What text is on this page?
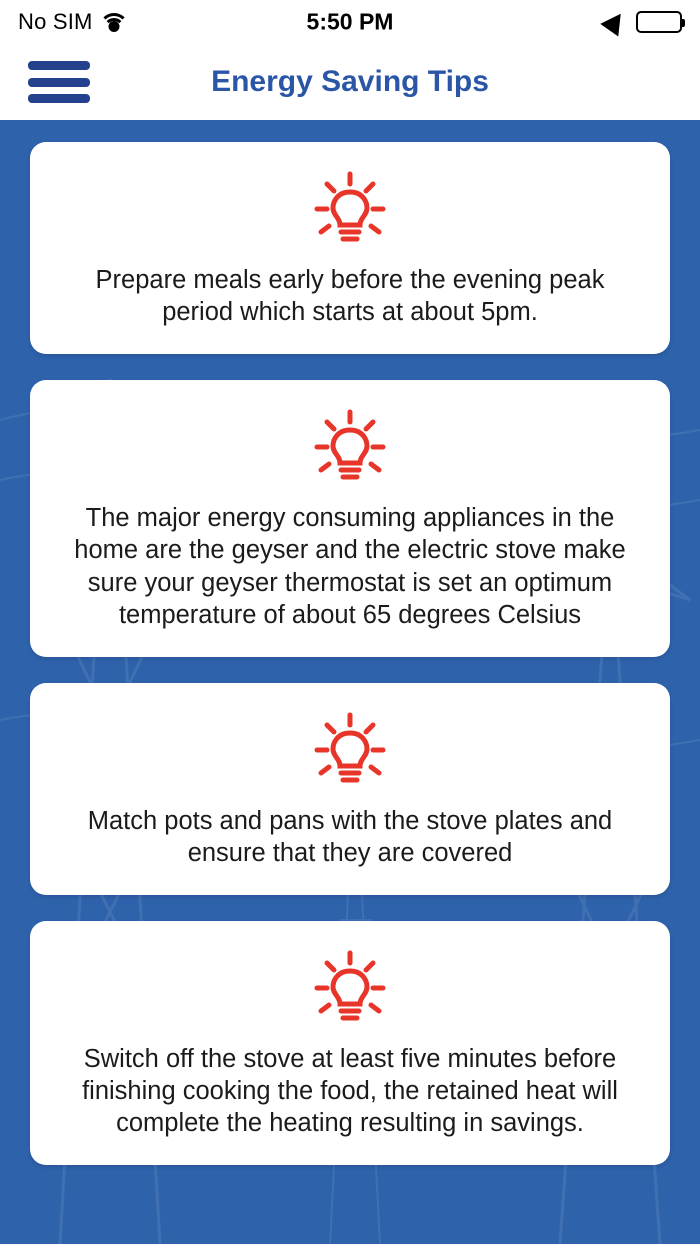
No SIM	5:50 PM
Energy Saving Tips
Prepare meals early before the evening peak period which starts at about 5pm.
The major energy consuming appliances in the home are the geyser and the electric stove make sure your geyser thermostat is set an optimum temperature of about 65 degrees Celsius
Match pots and pans with the stove plates and ensure that they are covered
Switch off the stove at least five minutes before finishing cooking the food, the retained heat will complete the heating resulting in savings.
